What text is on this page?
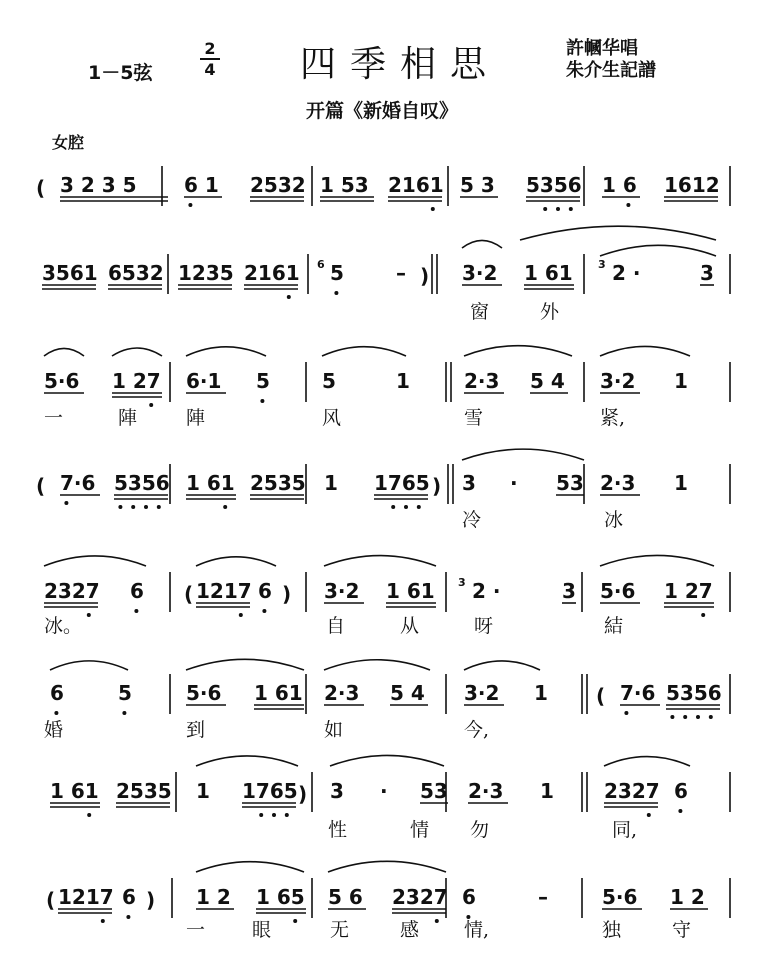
1－5弦
2
4 四季相思	許幗华唱
朱介生記譜
开篇《新婚自叹》
女腔
( 3 2 3 5 6 1 2532 1 53 2161 5 3 5356 1 6 1612
3561 6532 1235 2161 6 5	– ) 3·2 1 61 3 2 ·	3
窗	外
5·6 1 27 6·1 5	5	1	2·3 5 4 3·2 1
一	陣	陣	风	雪	紧,
( 7·6 5356 1 61 2535 1 1765 ) 3 · 53 2·3 1
冷	冰
2327 6 ( 1217 6 ) 3·2 1 61 3 2 ·	3 5·6 1 27
冰。	自	从	呀	結
6	5	5·6 1 61 2·3 5 4 3·2 1 ( 7·6 5356
婚	到	如	今,
1 61 2535 1 1765 ) 3 · 53 2·3 1	2327 6
性	情 勿	同,
( 1217 6 ) 1 2 1 65 5 6 2327 6	–	5·6 1 2
一 眼	无	感 情,	独	守
